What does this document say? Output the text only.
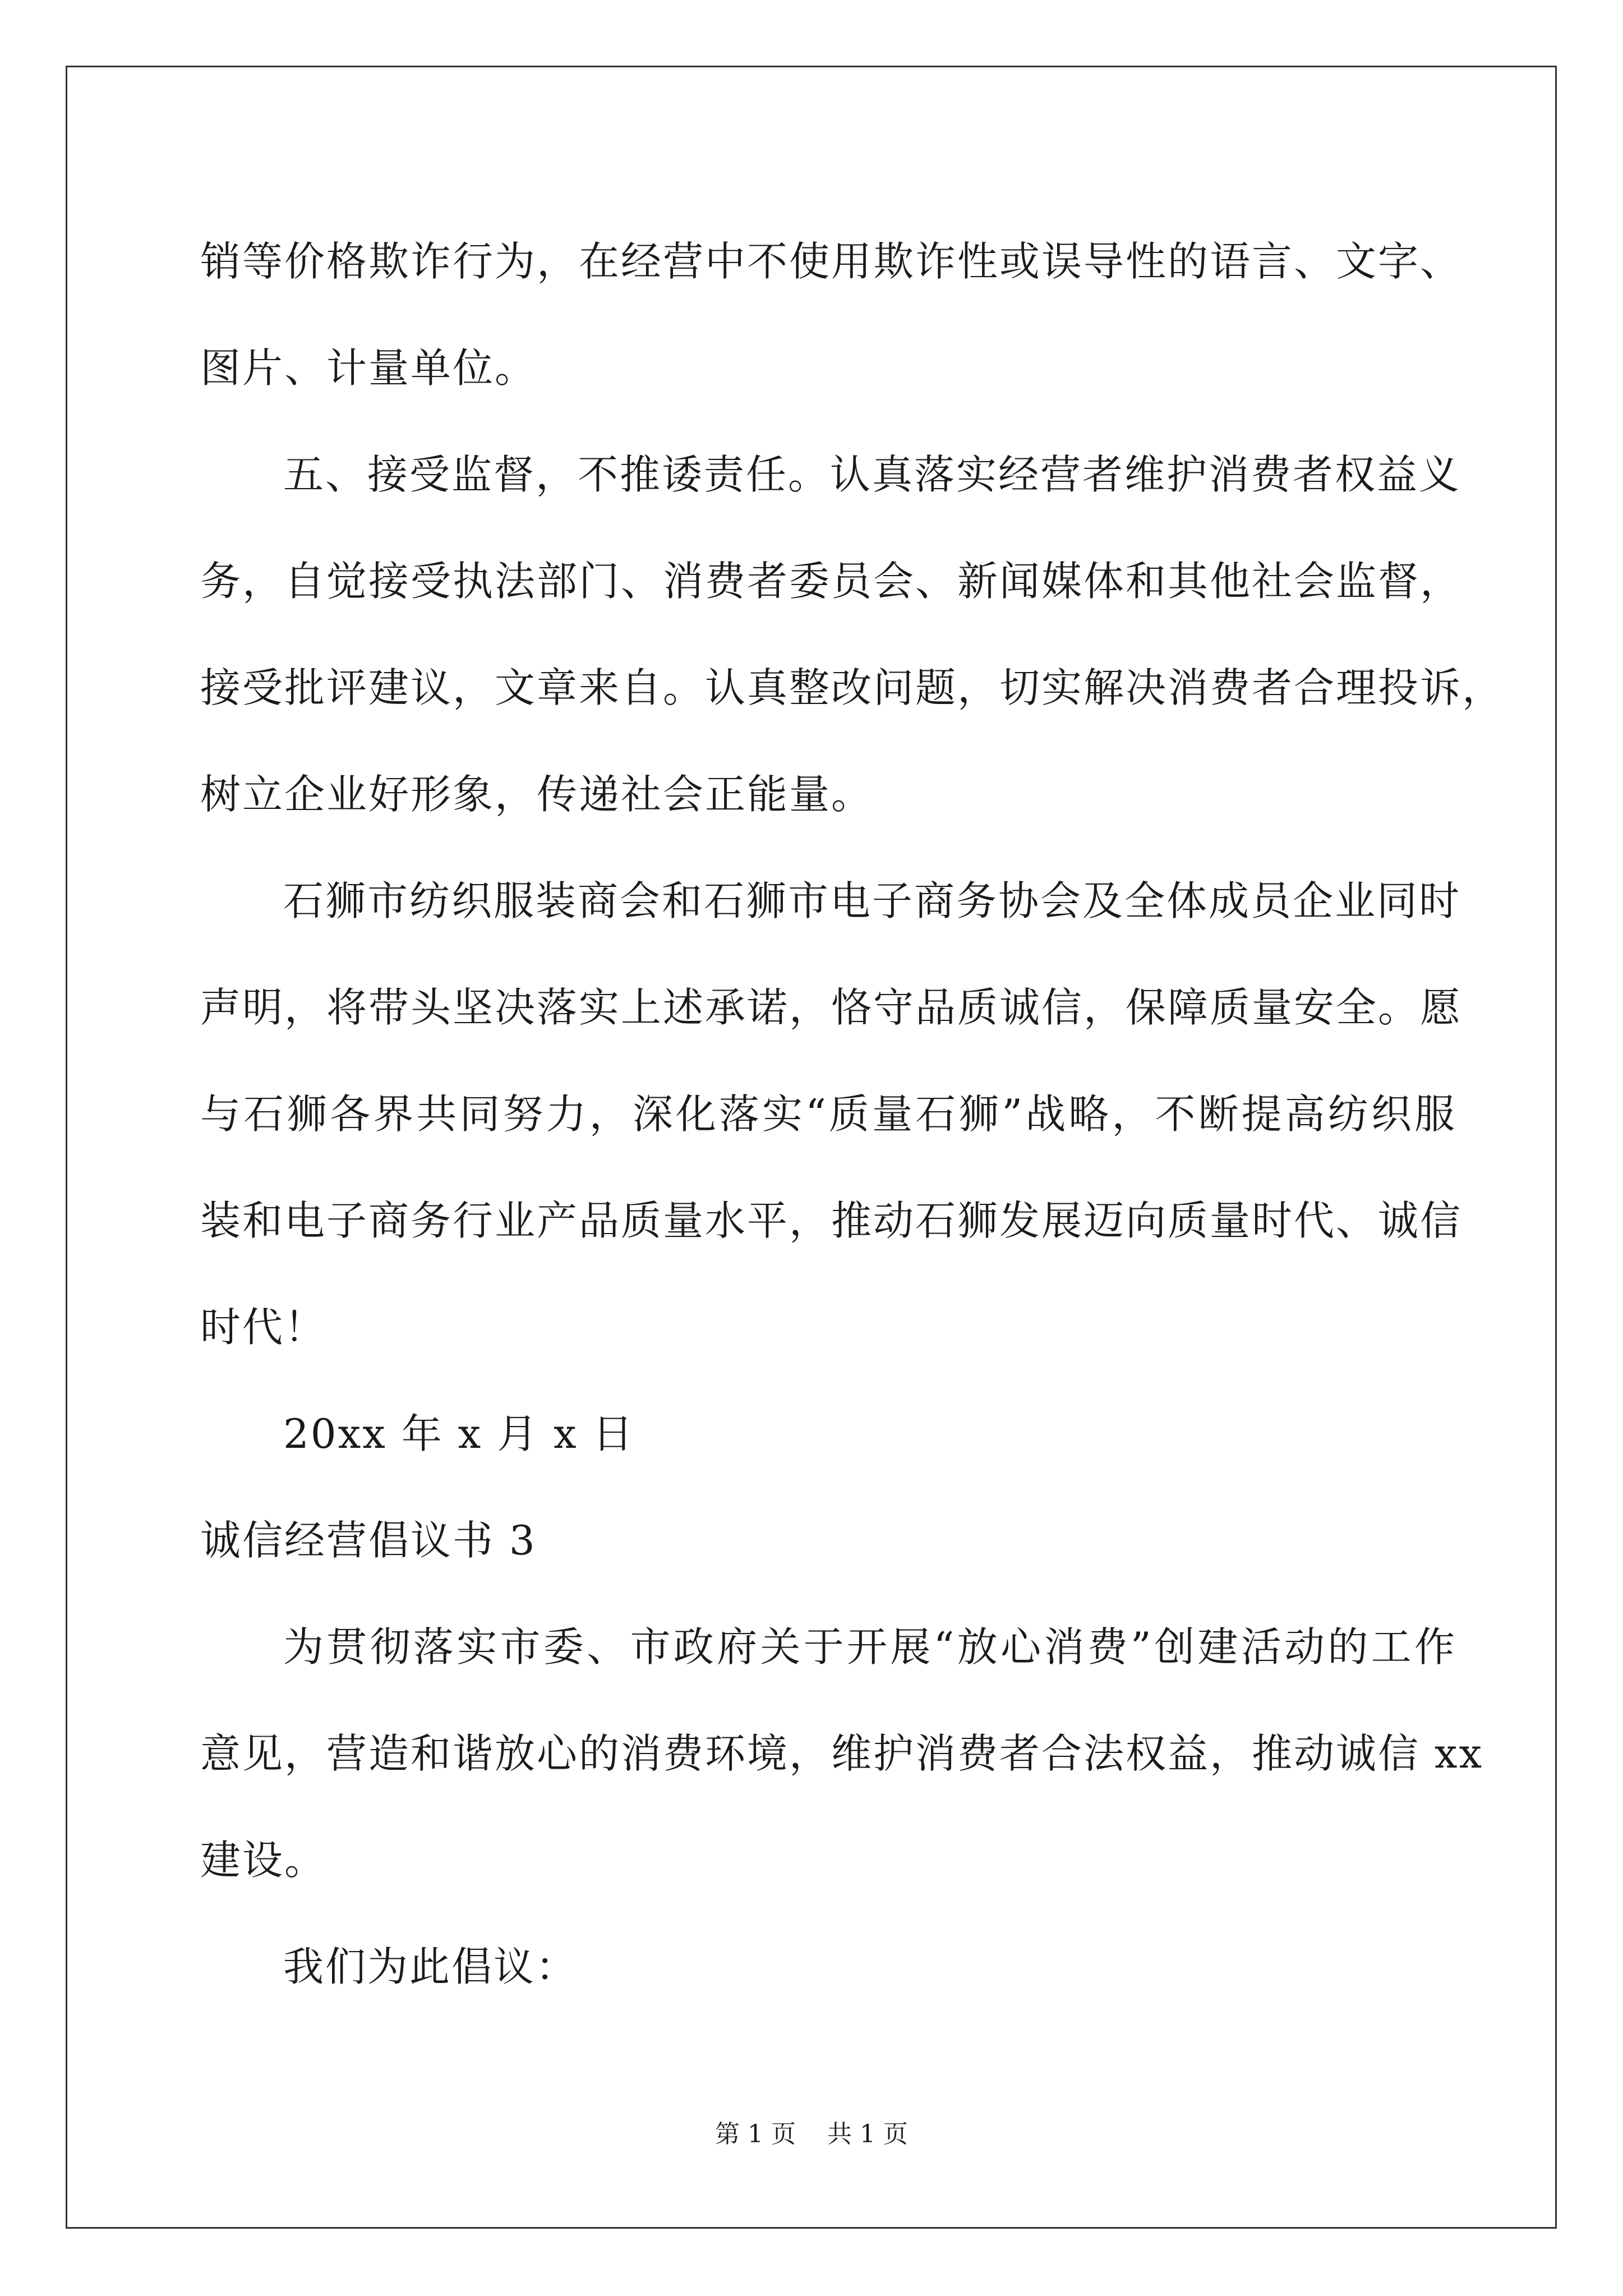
销等价格欺诈行为，在经营中不使用欺诈性或误导性的语言、文字、
图片、计量单位。
五、接受监督，不推诿责任。认真落实经营者维护消费者权益义
务，自觉接受执法部门、消费者委员会、新闻媒体和其他社会监督，
接受批评建议，文章来自。认真整改问题，切实解决消费者合理投诉，
树立企业好形象，传递社会正能量。
石狮市纺织服装商会和石狮市电子商务协会及全体成员企业同时
声明，将带头坚决落实上述承诺，恪守品质诚信，保障质量安全。愿
与石狮各界共同努力，深化落实“质量石狮”战略，不断提高纺织服
装和电子商务行业产品质量水平，推动石狮发展迈向质量时代、诚信
时代！
20xx 年 x 月 x 日
诚信经营倡议书 3
为贯彻落实市委、市政府关于开展“放心消费”创建活动的工作
意见，营造和谐放心的消费环境，维护消费者合法权益，推动诚信 xx
建设。
我们为此倡议：
第 1 页    共 1 页
